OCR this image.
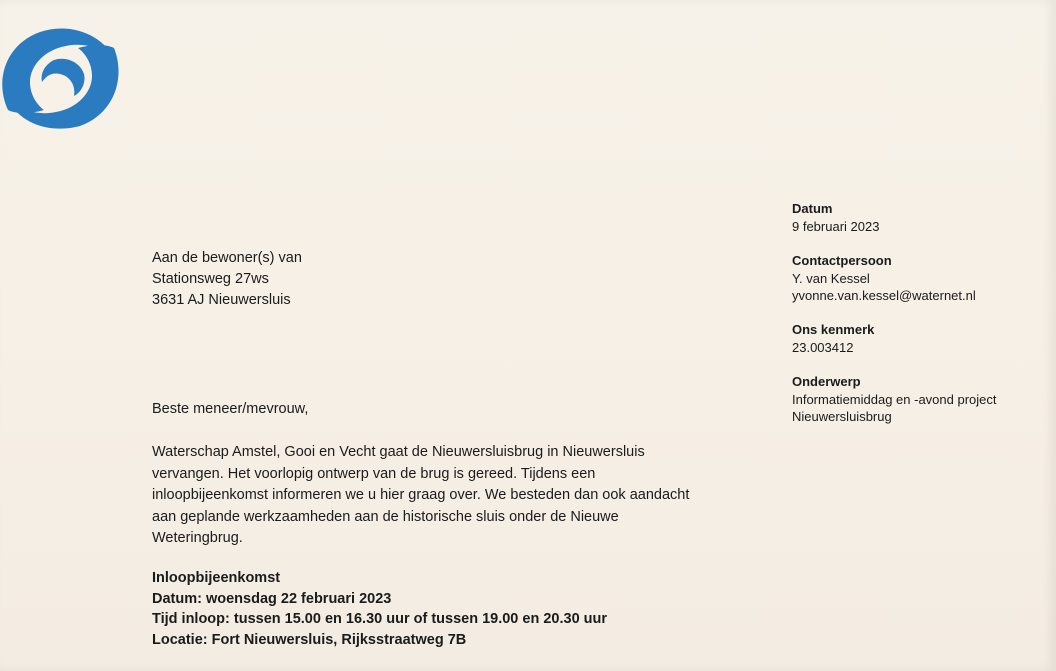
Aan de bewoner(s) van
Stationsweg 27ws
3631 AJ Nieuwersluis
Datum
9 februari 2023
Contactpersoon
Y. van Kessel
yvonne.van.kessel@waternet.nl
Ons kenmerk
23.003412
Onderwerp
Informatiemiddag en -avond project
Nieuwersluisbrug
Beste meneer/mevrouw,
Waterschap Amstel, Gooi en Vecht gaat de Nieuwersluisbrug in Nieuwersluis
vervangen. Het voorlopig ontwerp van de brug is gereed. Tijdens een
inloopbijeenkomst informeren we u hier graag over. We besteden dan ook aandacht
aan geplande werkzaamheden aan de historische sluis onder de Nieuwe
Weteringbrug.
Inloopbijeenkomst
Datum: woensdag 22 februari 2023
Tijd inloop: tussen 15.00 en 16.30 uur of tussen 19.00 en 20.30 uur
Locatie: Fort Nieuwersluis, Rijksstraatweg 7B
